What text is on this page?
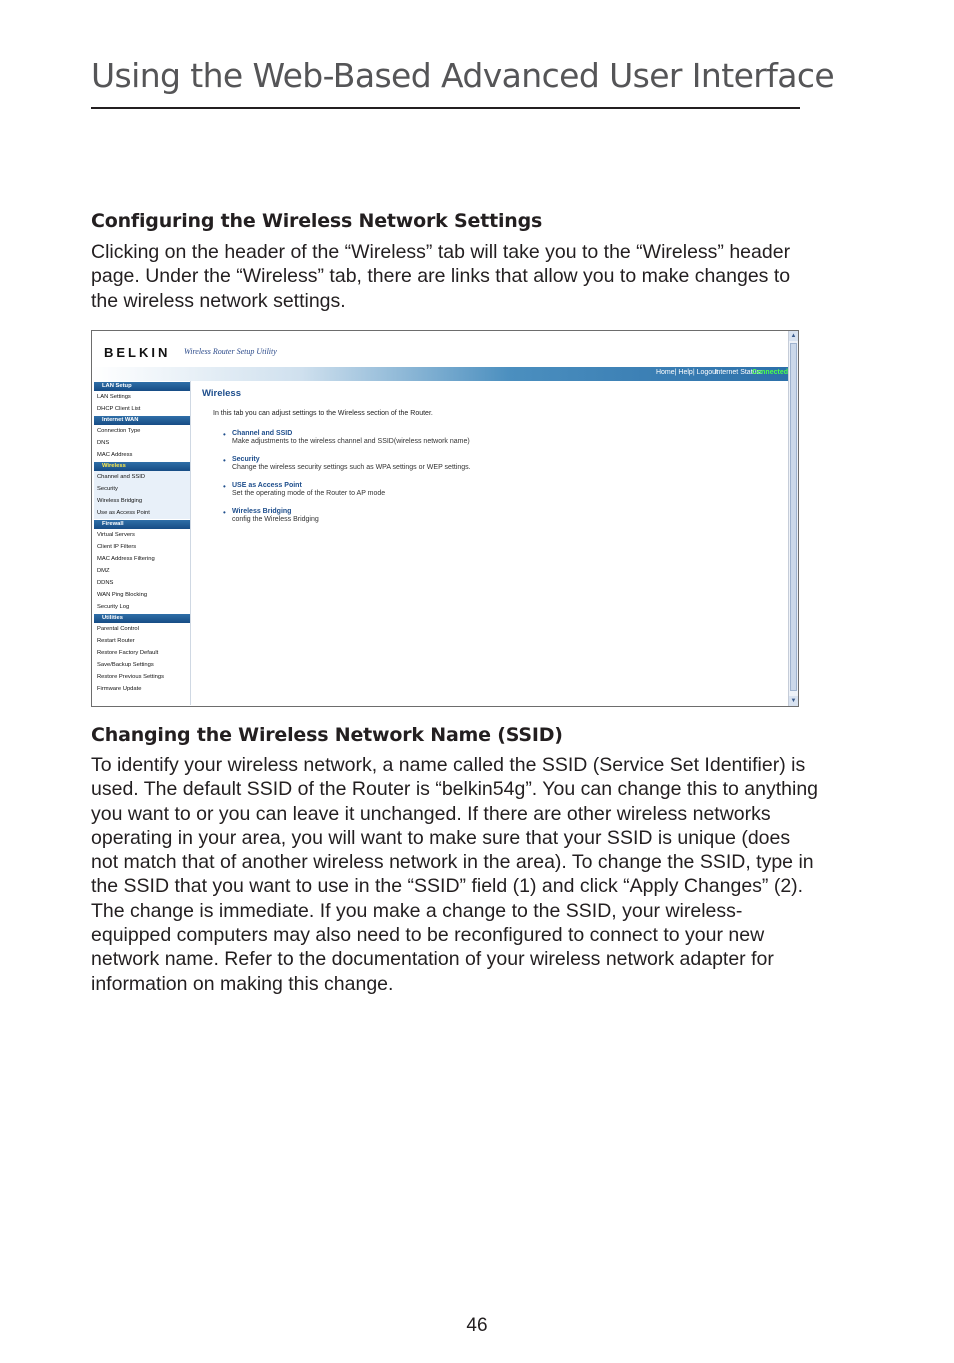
Using the Web-Based Advanced User Interface
Configuring the Wireless Network Settings

Clicking on the header of the “Wireless” tab will take you to the “Wireless” header page. Under the “Wireless” tab, there are links that allow you to make changes to the wireless network settings.

BELKIN Wireless Router Setup Utility
Home| Help| Logout
Internet Status:
Connected
LAN Setup
LAN Settings
DHCP Client List
Internet WAN
Connection Type
DNS
MAC Address
Wireless
Channel and SSID
Security
Wireless Bridging
Use as Access Point
Firewall
Virtual Servers
Client IP Filters
MAC Address Filtering
DMZ
DDNS
WAN Ping Blocking
Security Log
Utilities
Parental Control
Restart Router
Restore Factory Default
Save/Backup Settings
Restore Previous Settings
Firmware Update
Wireless
In this tab you can adjust settings to the Wireless section of the Router.
• Channel and SSID
Make adjustments to the wireless channel and SSID(wireless network name)
• Security
Change the wireless security settings such as WPA settings or WEP settings.
• USE as Access Point
Set the operating mode of the Router to AP mode
• Wireless Bridging
config the Wireless Bridging
▲
▼
Changing the Wireless Network Name (SSID)

To identify your wireless network, a name called the SSID (Service Set Identifier) is used. The default SSID of the Router is “belkin54g”. You can change this to anything you want to or you can leave it unchanged. If there are other wireless networks operating in your area, you will want to make sure that your SSID is unique (does not match that of another wireless network in the area). To change the SSID, type in the SSID that you want to use in the “SSID” field (1) and click “Apply Changes” (2). The change is immediate. If you make a change to the SSID, your wireless-equipped computers may also need to be reconfigured to connect to your new network name. Refer to the documentation of your wireless network adapter for information on making this change.

46
